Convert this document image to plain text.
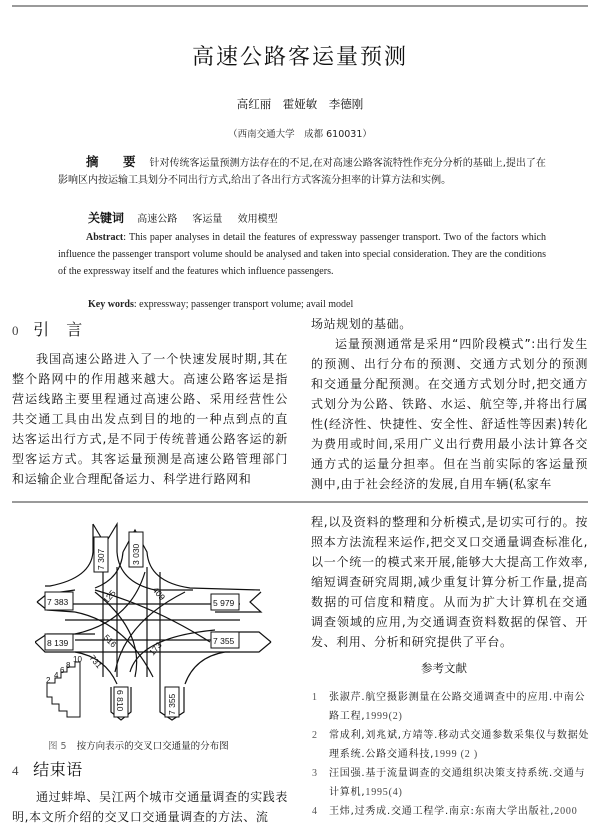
高速公路客运量预测
高红丽　霍娅敏　李德刚
（西南交通大学　成都 610031）
摘　要 针对传统客运量预测方法存在的不足,在对高速公路客流特性作充分分析的基础上,提出了在影响区内按运输工具划分不同出行方式,给出了各出行方式客流分担率的计算方法和实例。
关键词 高速公路 客运量 效用模型
Abstract: This paper analyses in detail the features of expressway passenger transport. Two of the factors which influence the passenger transport volume should be analysed and taken into special consideration. They are the conditions of the expressway itself and the features which influence passengers.
Key words: expressway; passenger transport volume; avail model
0 引　言

我国高速公路进入了一个快速发展时期,其在整个路网中的作用越来越大。高速公路客运是指营运线路主要里程通过高速公路、采用经营性公共交通工具由出发点到目的地的一种点到点的直达客运出行方式,是不同于传统普通公路客运的新型客运方式。其客运量预测是高速公路管理部门和运输企业合理配备运力、科学进行路网和

场站规划的基础。

运量预测通常是采用“四阶段模式”:出行发生的预测、出行分布的预测、交通方式划分的预测和交通量分配预测。在交通方式划分时,把交通方式划分为公路、铁路、水运、航空等,并将出行属性(经济性、快捷性、安全性、舒适性等因素)转化为费用或时间,采用广义出行费用最小法计算各交通方式的运量分担率。但在当前实际的客运量预测中,由于社会经济的发展,自用车辆(私家车

7 307	3 030
7 383
8 139
5 979
7 355
6 810	7 355
125	409
516	173
731
2
4
6
8
10
图 5 按方向表示的交叉口交通量的分布图
4 结束语

通过蚌埠、吴江两个城市交通量调查的实践表明,本文所介绍的交叉口交通量调查的方法、流

程,以及资料的整理和分析模式,是切实可行的。按照本方法流程来运作,把交叉口交通量调查标准化,以一个统一的模式来开展,能够大大提高工作效率,缩短调查研究周期,减少重复计算分析工作量,提高数据的可信度和精度。从而为扩大计算机在交通调查领域的应用,为交通调查资料数据的保管、开发、利用、分析和研究提供了平台。

参考文献
1	张淑芹.航空摄影测量在公路交通调查中的应用.中南公路工程,1999(2)
2	常成利,刘兆斌,方靖等.移动式交通参数采集仪与数据处理系统.公路交通科技,1999 (2 )
3	汪国强.基于流量调查的交通组织决策支持系统.交通与计算机,1995(4)
4	王炜,过秀成.交通工程学.南京:东南大学出版社,2000
